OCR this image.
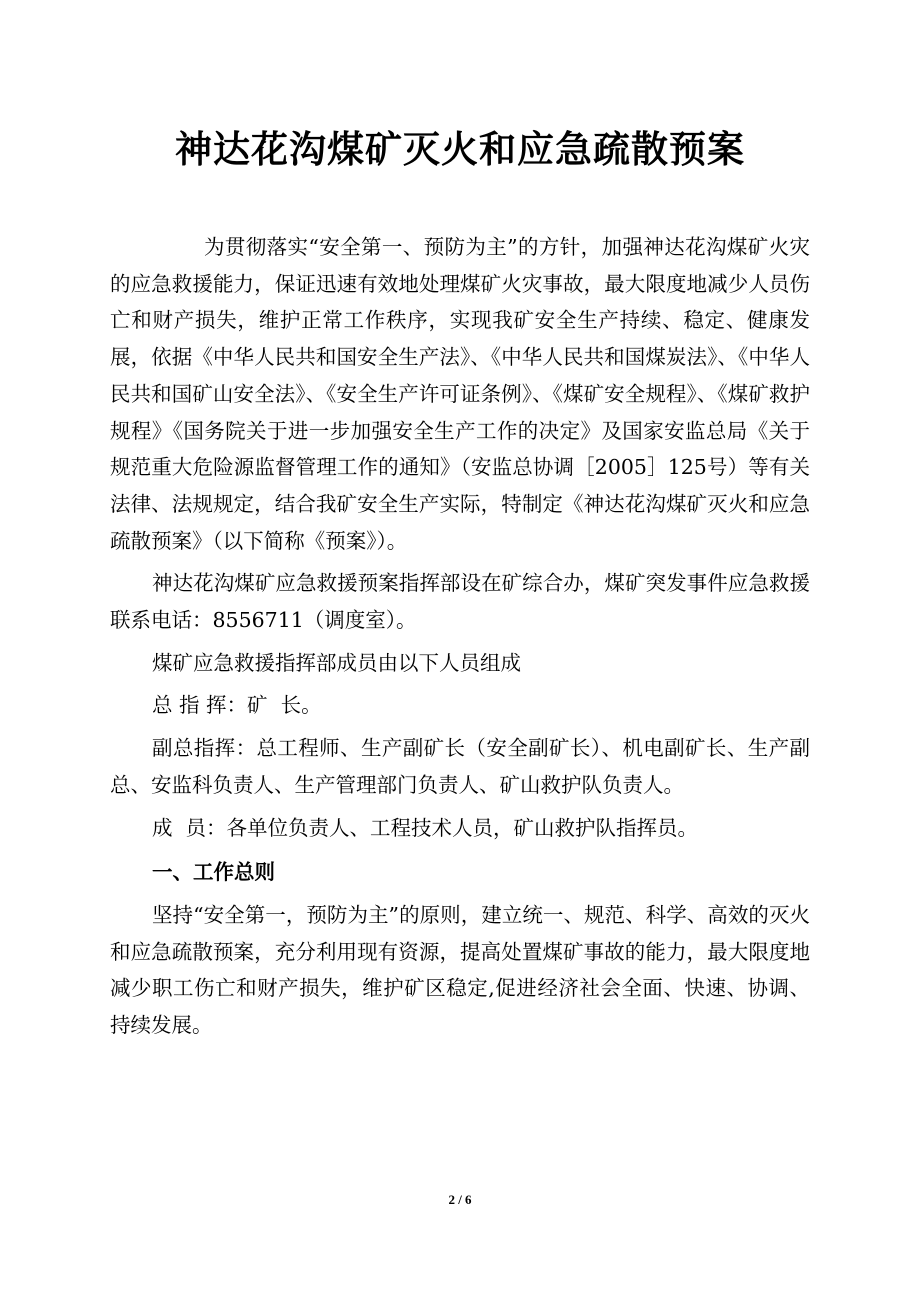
神达花沟煤矿灭火和应急疏散预案

为贯彻落实“安全第一、预防为主”的方针，加强神达花沟煤矿火灾的应急救援能力，保证迅速有效地处理煤矿火灾事故，最大限度地减少人员伤亡和财产损失，维护正常工作秩序，实现我矿安全生产持续、稳定、健康发展，依据《中华人民共和国安全生产法》、《中华人民共和国煤炭法》、《中华人民共和国矿山安全法》、《安全生产许可证条例》、《煤矿安全规程》、《煤矿救护规程》《国务院关于进一步加强安全生产工作的决定》及国家安监总局《关于规范重大危险源监督管理工作的通知》（安监总协调［2005］125号）等有关法律、法规规定，结合我矿安全生产实际，特制定《神达花沟煤矿灭火和应急疏散预案》（以下简称《预案》）。

神达花沟煤矿应急救援预案指挥部设在矿综合办，煤矿突发事件应急救援联系电话：8556711（调度室）。

煤矿应急救援指挥部成员由以下人员组成

总 指 挥：矿  长。

副总指挥：总工程师、生产副矿长（安全副矿长）、机电副矿长、生产副总、安监科负责人、生产管理部门负责人、矿山救护队负责人。

成  员：各单位负责人、工程技术人员，矿山救护队指挥员。

一、工作总则

坚持“安全第一，预防为主”的原则，建立统一、规范、科学、高效的灭火和应急疏散预案，充分利用现有资源，提高处置煤矿事故的能力，最大限度地减少职工伤亡和财产损失，维护矿区稳定,促进经济社会全面、快速、协调、持续发展。

2 / 6
